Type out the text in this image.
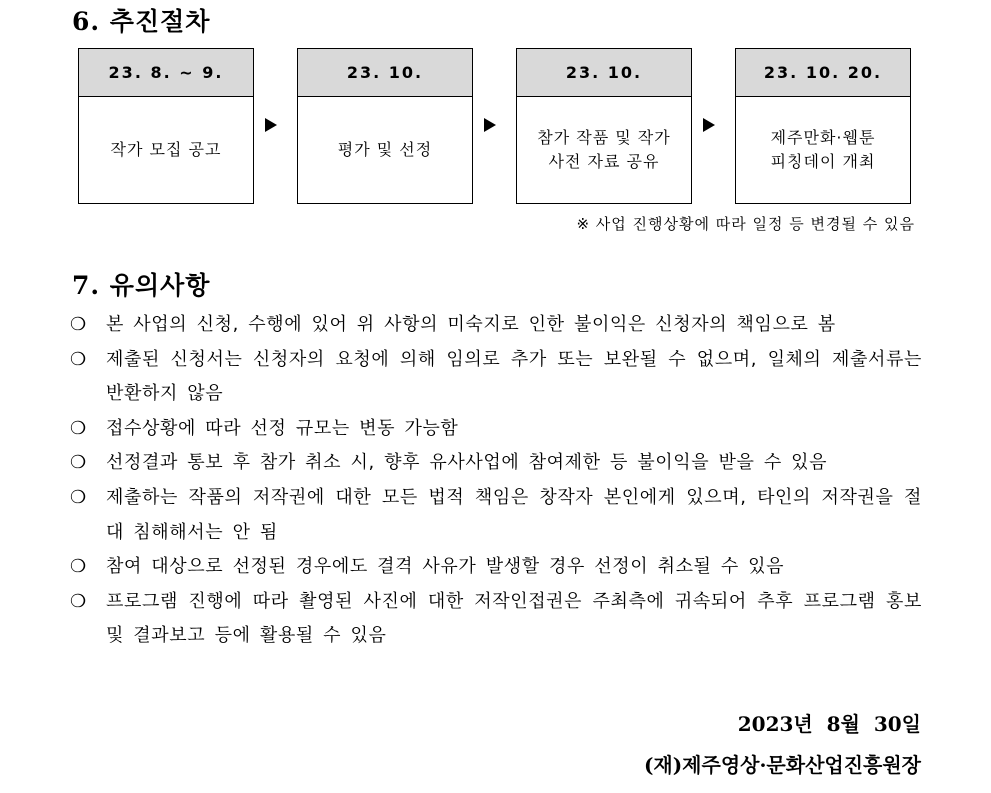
6. 추진절차
23. 8. ~ 9.
작가 모집 공고
23. 10.
평가 및 선정
23. 10.
참가 작품 및 작가
사전 자료 공유
23. 10. 20.
제주만화·웹툰
피칭데이 개최
※ 사업 진행상황에 따라 일정 등 변경될 수 있음
7. 유의사항
❍ 본 사업의 신청, 수행에 있어 위 사항의 미숙지로 인한 불이익은 신청자의 책임으로 봄
❍ 제출된 신청서는 신청자의 요청에 의해 임의로 추가 또는 보완될 수 없으며, 일체의 제출서류는 반환하지 않음
❍ 접수상황에 따라 선정 규모는 변동 가능함
❍ 선정결과 통보 후 참가 취소 시, 향후 유사사업에 참여제한 등 불이익을 받을 수 있음
❍ 제출하는 작품의 저작권에 대한 모든 법적 책임은 창작자 본인에게 있으며, 타인의 저작권을 절대 침해해서는 안 됨
❍ 참여 대상으로 선정된 경우에도 결격 사유가 발생할 경우 선정이 취소될 수 있음
❍ 프로그램 진행에 따라 촬영된 사진에 대한 저작인접권은 주최측에 귀속되어 추후 프로그램 홍보 및 결과보고 등에 활용될 수 있음
2023년  8월  30일
(재)제주영상·문화산업진흥원장
